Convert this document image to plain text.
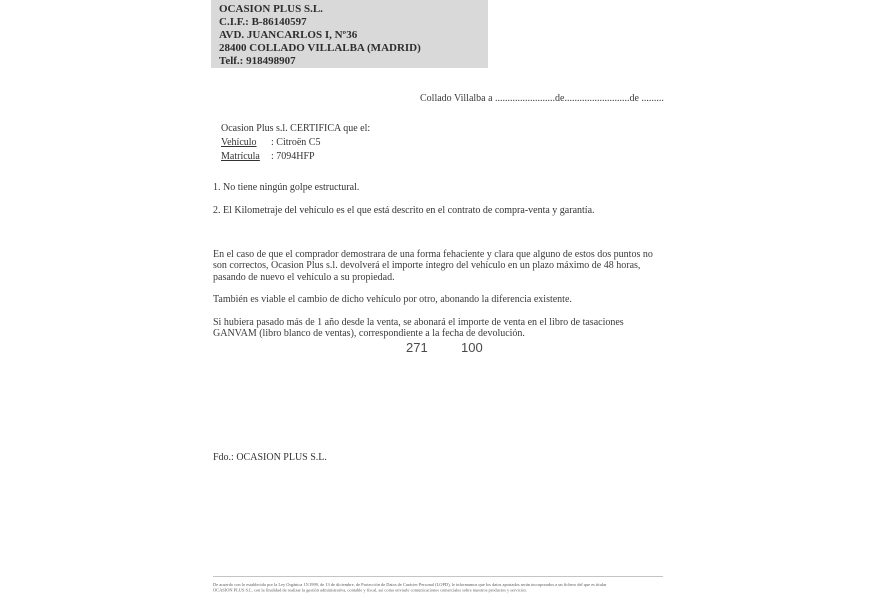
OCASION PLUS S.L.
C.I.F.: B-86140597
AVD. JUANCARLOS I, Nº36
28400 COLLADO VILLALBA (MADRID)
Telf.: 918498907
Collado Villalba a ........................de..........................de .........
Ocasion Plus s.l. CERTIFICA que el:
Vehículo : Citroën C5
Matrícula : 7094HFP
1. No tiene ningún golpe estructural.
2. El Kilometraje del vehículo es el que está descrito en el contrato de compra-venta y garantía.
En el caso de que el comprador demostrara de una forma fehaciente y clara que alguno de estos dos puntos no son correctos, Ocasion Plus s.l. devolverá el importe íntegro del vehículo en un plazo máximo de 48 horas, pasando de nuevo el vehículo a su propiedad.
También es viable el cambio de dicho vehículo por otro, abonando la diferencia existente.
Si hubiera pasado más de 1 año desde la venta, se abonará el importe de venta en el libro de tasaciones GANVAM (libro blanco de ventas), correspondiente a la fecha de devolución.
271	100
Fdo.: OCASION PLUS S.L.
De acuerdo con lo establecido por la Ley Orgánica 15/1999, de 13 de diciembre, de Protección de Datos de Carácter Personal (LOPD), le informamos que los datos aportados serán incorporados a un fichero del que es titular
OCASION PLUS S.L. con la finalidad de realizar la gestión administrativa, contable y fiscal, así como enviarle comunicaciones comerciales sobre nuestros productos y servicios.
